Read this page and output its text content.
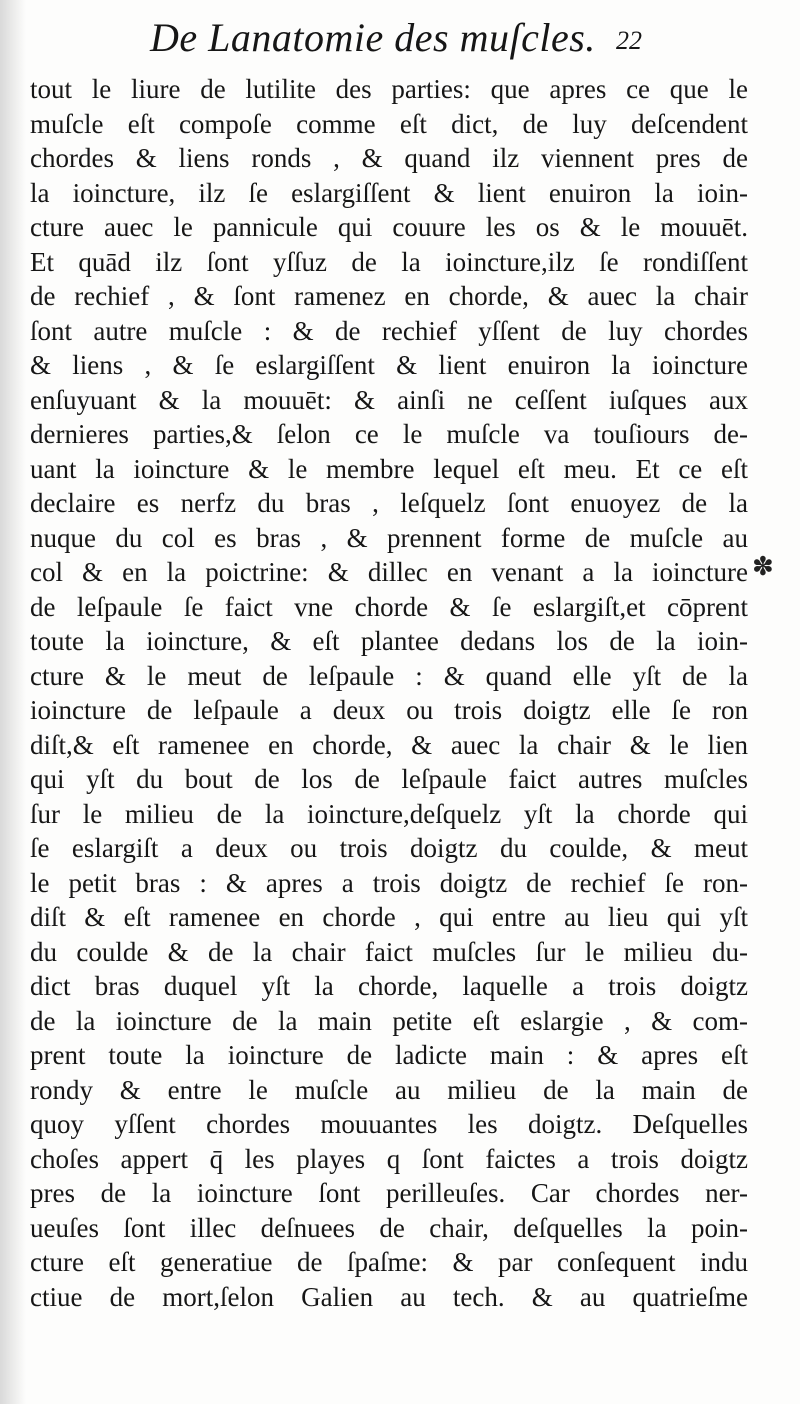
De Lanatomie des muſcles. 22
tout le liure de lutilite des parties: que apres ce que le
muſcle eſt compoſe comme eſt dict, de luy deſcendent
chordes & liens ronds , & quand ilz viennent pres de
la ioincture, ilz ſe eslargiſſent & lient enuiron la ioin-
cture auec le pannicule qui couure les os & le mouuēt.
Et quād ilz ſont yſſuz de la ioincture,ilz ſe rondiſſent
de rechief , & ſont ramenez en chorde, & auec la chair
ſont autre muſcle : & de rechief yſſent de luy chordes
& liens , & ſe eslargiſſent & lient enuiron la ioincture
enſuyuant & la mouuēt: & ainſi ne ceſſent iuſques aux
dernieres parties,& ſelon ce le muſcle va touſiours de-
uant la ioincture & le membre lequel eſt meu. Et ce eſt
declaire es nerfz du bras , leſquelz ſont enuoyez de la
nuque du col es bras , & prennent forme de muſcle au
col & en la poictrine: & dillec en venant a la ioincture
de leſpaule ſe faict vne chorde & ſe eslargiſt,et cōprent
toute la ioincture, & eſt plantee dedans los de la ioin-
cture & le meut de leſpaule : & quand elle yſt de la
ioincture de leſpaule a deux ou trois doigtz elle ſe ron
diſt,& eſt ramenee en chorde, & auec la chair & le lien
qui yſt du bout de los de leſpaule faict autres muſcles
ſur le milieu de la ioincture,deſquelz yſt la chorde qui
ſe eslargiſt a deux ou trois doigtz du coulde, & meut
le petit bras : & apres a trois doigtz de rechief ſe ron-
diſt & eſt ramenee en chorde , qui entre au lieu qui yſt
du coulde & de la chair faict muſcles ſur le milieu du-
dict bras duquel yſt la chorde, laquelle a trois doigtz
de la ioincture de la main petite eſt eslargie , & com-
prent toute la ioincture de ladicte main : & apres eſt
rondy & entre le muſcle au milieu de la main de
quoy yſſent chordes mouuantes les doigtz. Deſquelles
choſes appert q̄ les playes q ſont faictes a trois doigtz
pres de la ioincture ſont perilleuſes. Car chordes ner-
ueuſes ſont illec deſnuees de chair, deſquelles la poin-
cture eſt generatiue de ſpaſme: & par conſequent indu
ctiue de mort,ſelon Galien au tech. & au quatrieſme
✽
